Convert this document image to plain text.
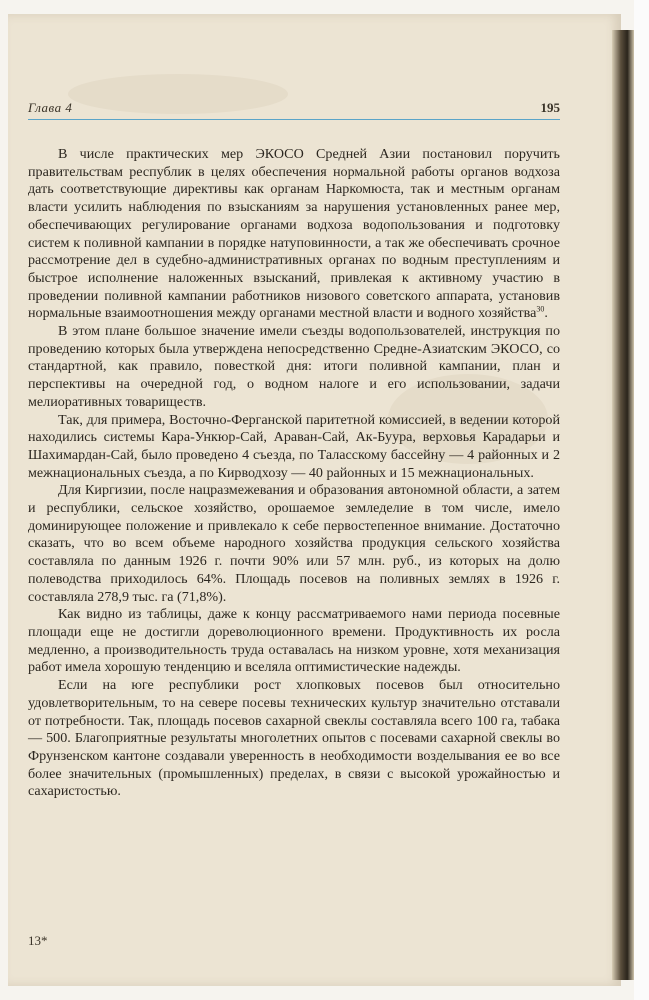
Глава 4	195

В числе практических мер ЭКОСО Средней Азии постановил поручить правительствам республик в целях обеспечения нормальной работы органов водхоза дать соответствующие директивы как органам Наркомюста, так и местным органам власти усилить наблюдения по взысканиям за нарушения установленных ранее мер, обеспечивающих регулирование органами водхоза водопользования и подготовку систем к поливной кампании в порядке натуповинности, а так же обеспечивать срочное рассмотрение дел в судебно-административных органах по водным преступлениям и быстрое исполнение наложенных взысканий, привлекая к активному участию в проведении поливной кампании работников низового советского аппарата, установив нормальные взаимоотношения между органами местной власти и водного хозяйства$^{30}$.

В этом плане большое значение имели съезды водопользователей, инструкция по проведению которых была утверждена непосредственно Средне-Азиатским ЭКОСО, со стандартной, как правило, повесткой дня: итоги поливной кампании, план и перспективы на очередной год, о водном налоге и его использовании, задачи мелиоративных товариществ.

Так, для примера, Восточно-Ферганской паритетной комиссией, в ведении которой находились системы Кара-Ункюр-Сай, Араван-Сай, Ак-Буура, верховья Карадарьи и Шахимардан-Сай, было проведено 4 съезда, по Таласскому бассейну — 4 районных и 2 межнациональных съезда, а по Кирводхозу — 40 районных и 15 межнациональных.

Для Киргизии, после нацразмежевания и образования автономной области, а затем и республики, сельское хозяйство, орошаемое земледелие в том числе, имело доминирующее положение и привлекало к себе первостепенное внимание. Достаточно сказать, что во всем объеме народного хозяйства продукция сельского хозяйства составляла по данным 1926 г. почти 90% или 57 млн. руб., из которых на долю полеводства приходилось 64%. Площадь посевов на поливных землях в 1926 г. составляла 278,9 тыс. га (71,8%).

Как видно из таблицы, даже к концу рассматриваемого нами периода посевные площади еще не достигли дореволюционного времени. Продуктивность их росла медленно, а производительность труда оставалась на низком уровне, хотя механизация работ имела хорошую тенденцию и вселяла оптимистические надежды.

Если на юге республики рост хлопковых посевов был относительно удовлетворительным, то на севере посевы технических культур значительно отставали от потребности. Так, площадь посевов сахарной свеклы составляла всего 100 га, табака — 500. Благоприятные результаты многолетних опытов с посевами сахарной свеклы во Фрунзенском кантоне создавали уверенность в необходимости возделывания ее во все более значительных (промышленных) пределах, в связи с высокой урожайностью и сахаристостью.

13*
